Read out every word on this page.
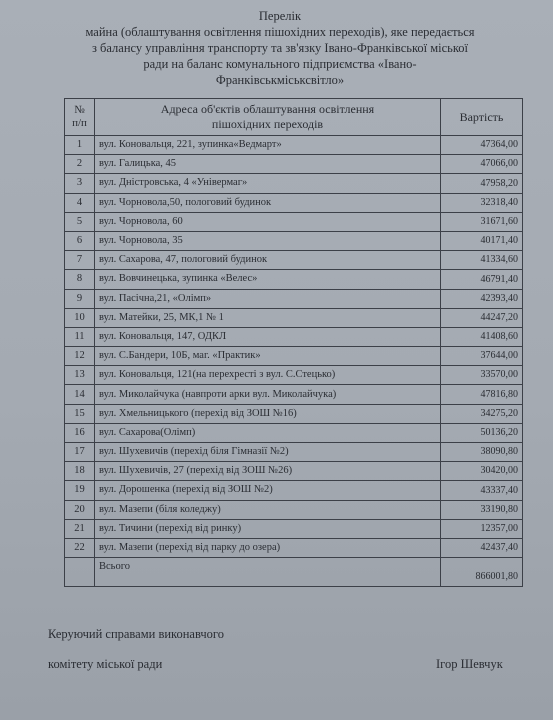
Перелік
майна (облаштування освітлення пішохідних переходів), яке передається
з балансу управління транспорту та зв'язку Івано-Франківської міської
ради на баланс комунального підприємства «Івано-
Франківськміськсвітло»
№ п/п	Адреса об'єктів облаштування освітлення пішохідних переходів	Вартість
1	вул. Коновальця, 221, зупинка«Ведмарт»	47364,00
2	вул. Галицька, 45	47066,00
3	вул. Дністровська, 4 «Універмаг»	47958,20
4	вул. Чорновола,50, пологовий будинок	32318,40
5	вул. Чорновола, 60	31671,60
6	вул. Чорновола, 35	40171,40
7	вул. Сахарова, 47, пологовий будинок	41334,60
8	вул. Вовчинецька, зупинка «Велес»	46791,40
9	вул. Пасічна,21, «Олімп»	42393,40
10	вул. Матейки, 25, МК,1 № 1	44247,20
11	вул. Коновальця, 147, ОДКЛ	41408,60
12	вул. С.Бандери, 10Б, маг. «Практик»	37644,00
13	вул. Коновальця, 121(на перехресті з вул. С.Стецько)	33570,00
14	вул. Миколайчука (навпроти арки вул. Миколайчука)	47816,80
15	вул. Хмельницького (перехід від ЗОШ №16)	34275,20
16	вул. Сахарова(Олімп)	50136,20
17	вул. Шухевичів (перехід біля Гімназії №2)	38090,80
18	вул. Шухевичів, 27 (перехід від ЗОШ №26)	30420,00
19	вул. Дорошенка (перехід від ЗОШ №2)	43337,40
20	вул. Мазепи (біля коледжу)	33190,80
21	вул. Тичини (перехід від ринку)	12357,00
22	вул. Мазепи (перехід від парку до озера)	42437,40
	Всього	866001,80
Керуючий справами виконавчого
комітету міської ради	Ігор Шевчук
